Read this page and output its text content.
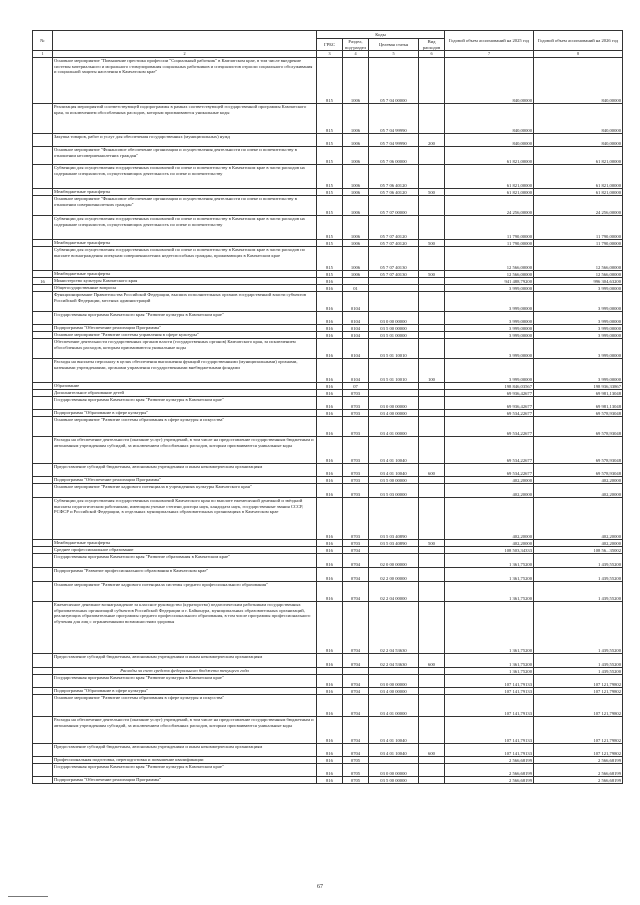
№		Коды				Годовой объем ассигнований на 2025 год	Годовой объем ассигнований на 2026 год
		ГРБС	Раздел, под-раздел	Целевая статья	Вид расходов		
1	2	3	4	5	6	7	8
	Основное мероприятие "Повышение престижа профессии "Социальный работник" в Камчатском крае, в том числе внедрение системы материального и морального стимулирования социальных работников и специалистов отрасли социального обслуживания и социальной защиты населения в Камчатском крае"	815	1006	05 7 04 00000		840,00000	840,00000
	Реализация мероприятий соответствующей подпрограммы в рамках соответствующей государственной программы Камчатского края, за исключением обособленных расходов, которым присваиваются уникальные коды	815	1006	05 7 04 99990		840,00000	840,00000
	Закупка товаров, работ и услуг для обеспечения государственных (муниципальных) нужд	815	1006	05 7 04 99990	200	840,00000	840,00000
	Основное мероприятие "Финансовое обеспечение организации и осуществления деятельности по опеке и попечительству в отношении несовершеннолетних граждан"	815	1006	05 7 06 00000		61 821,00000	61 821,00000
	Субвенции для осуществления государственных полномочий по опеке и попечительству в Камчатском крае в части расходов на содержание специалистов, осуществляющих деятельность по опеке и попечительству	815	1006	05 7 06 40120		61 821,00000	61 821,00000
	Межбюджетные трансферты	815	1006	05 7 06 40120	500	61 821,00000	61 821,00000
	Основное мероприятие "Финансовое обеспечение организации и осуществления деятельности по опеке и попечительству в отношении совершеннолетних граждан"	815	1006	05 7 07 00000		24 256,00000	24 256,00000
	Субвенции для осуществления государственных полномочий по опеке и попечительству в Камчатском крае в части расходов на содержание специалистов, осуществляющих деятельность по опеке и попечительству	815	1006	05 7 07 40120		11 790,00000	11 790,00000
	Межбюджетные трансферты	815	1006	05 7 07 40120	500	11 790,00000	11 790,00000
	Субвенции для осуществления государственных полномочий по опеке и попечительству в Камчатском крае в части расходов по выплате вознаграждения опекунам совершеннолетних недееспособных граждан, проживающих в Камчатском крае	815	1006	05 7 07 40130		12 566,00000	12 566,00000
	Межбюджетные трансферты	815	1006	05 7 07 40130	500	12 566,00000	12 566,00000
16	Министерство культуры Камчатского края	816				941 488,79200	996 304,63200
	Общегосударственные вопросы	816	01			3 999,00000	3 999,00000
	Функционирование Правительства Российской Федерации, высших исполнительных органов государственной власти субъектов Российской Федерации, местных администраций	816	0104			3 999,00000	3 999,00000
	Государственная программа Камчатского края "Развитие культуры в Камчатском крае"	816	0104	03 0 00 00000		3 999,00000	3 999,00000
	Подпрограмма "Обеспечение реализации Программы"	816	0104	03 5 00 00000		3 999,00000	3 999,00000
	Основное мероприятие "Развитие системы управления в сфере культуры"	816	0104	03 5 01 00000		3 999,00000	3 999,00000
	Обеспечение деятельности государственных органов власти (государственных органов) Камчатского края, за исключением обособленных расходов, которым присваиваются уникальные коды	816	0104	03 5 01 10010		3 999,00000	3 999,00000
	Расходы на выплаты персоналу в целях обеспечения выполнения функций государственными (муниципальными) органами, казенными учреждениями, органами управления государственными внебюджетными фондами	816	0104	03 5 01 10010	100	3 999,00000	3 999,00000
	Образование	816	07			198 846,03567	198 936,33867
	Дополнительное образование детей	816	0703			69 936,42677	69 981,13048
	Государственная программа Камчатского края "Развитие культуры в Камчатском крае"	816	0703	03 0 00 00000		69 936,42677	69 981,13048
	Подпрограмма "Образование в сфере культуры"	816	0703	03 4 00 00000		69 534,22677	69 578,93048
	Основное мероприятие "Развитие системы образования в сфере культуры и искусства"	816	0703	03 4 01 00000		69 534,22677	69 578,93048
	Расходы на обеспечение деятельности (оказание услуг) учреждений, в том числе на предоставление государственным бюджетным и автономным учреждениям субсидий, за исключением обособленных расходов, которым присваиваются уникальные коды	816	0703	03 4 01 10040		69 534,22677	69 578,93048
	Предоставление субсидий бюджетным, автономным учреждениям и иным некоммерческим организациям	816	0703	03 4 01 10040	600	69 534,22677	69 578,93048
	Подпрограмма "Обеспечение реализации Программы"	816	0703	03 5 00 00000		402,20000	402,20000
	Основное мероприятие "Развитие кадрового потенциала в учреждениях культуры Камчатского края"	816	0703	03 5 03 00000		402,20000	402,20000
	Субвенции для осуществления государственных полномочий Камчатского края по выплате ежемесячной денежной и звёздной выплаты педагогическим работникам, имеющим ученые степени доктора наук, кандидата наук, государственные звания СССР, РСФСР и Российской Федерации, в отдельных муниципальных образовательных организациях в Камчатском крае	816	0703	03 5 03 40890		402,20000	402,20000
	Межбюджетные трансферты	816	0703	03 5 03 40890	500	402,20000	402,20000
	Среднее профессиональное образование	816	0704			108 503,34333	108 56...35002
	Государственная программа Камчатского края "Развитие образования в Камчатском крае"	816	0704	02 0 00 00000		1 361,75200	1 439,55200
	Подпрограмма "Развитие профессионального образования в Камчатском крае"	816	0704	02 2 00 00000		1 361,75200	1 439,55200
	Основное мероприятие "Развитие кадрового потенциала системы среднего профессионального образования"	816	0704	02 2 04 00000		1 361,75200	1 439,55200
	Ежемесячное денежное вознаграждение за классное руководство (кураторство) педагогическим работникам государственных образовательных организаций субъектов Российской Федерации и г. Байконура, муниципальных образовательных организаций, реализующих образовательные программы среднего профессионального образования, в том числе программы профессионального обучения для лиц с ограниченными возможностями здоровья	816	0704	02 2 04 53630		1 361,75200	1 439,55200
	Предоставление субсидий бюджетным, автономным учреждениям и иным некоммерческим организациям	816	0704	02 2 04 53630	600	1 361,75200	1 439,55200
	Расходы за счет средств федерального бюджета текущего года					1 361,75200	1 439,55200
	Государственная программа Камчатского края "Развитие культуры в Камчатском крае"	816	0704	03 0 00 00000		107 141,79133	107 121,79802
	Подпрограмма "Образование в сфере культуры"	816	0704	03 4 00 00000		107 141,79133	107 121,79802
	Основное мероприятие "Развитие системы образования в сфере культуры и искусства"	816	0704	03 4 01 00000		107 141,79133	107 121,79802
	Расходы на обеспечение деятельности (оказание услуг) учреждений, в том числе на предоставление государственным бюджетным и автономным учреждениям субсидий, за исключением обособленных расходов, которым присваиваются уникальные коды	816	0704	03 4 01 10040		107 141,79133	107 121,79802
	Предоставление субсидий бюджетным, автономным учреждениям и иным некоммерческим организациям	816	0704	03 4 01 10040	600	107 141,79133	107 121,79802
	Профессиональная подготовка, переподготовка и повышение квалификации	816	0705			2 566,68199	2 566,68199
	Государственная программа Камчатского края "Развитие культуры в Камчатском крае"	816	0705	03 0 00 00000		2 566,68199	2 566,68199
	Подпрограмма "Обеспечение реализации Программы"	816	0705	03 5 00 00000		2 566,68199	2 566,68199
67
